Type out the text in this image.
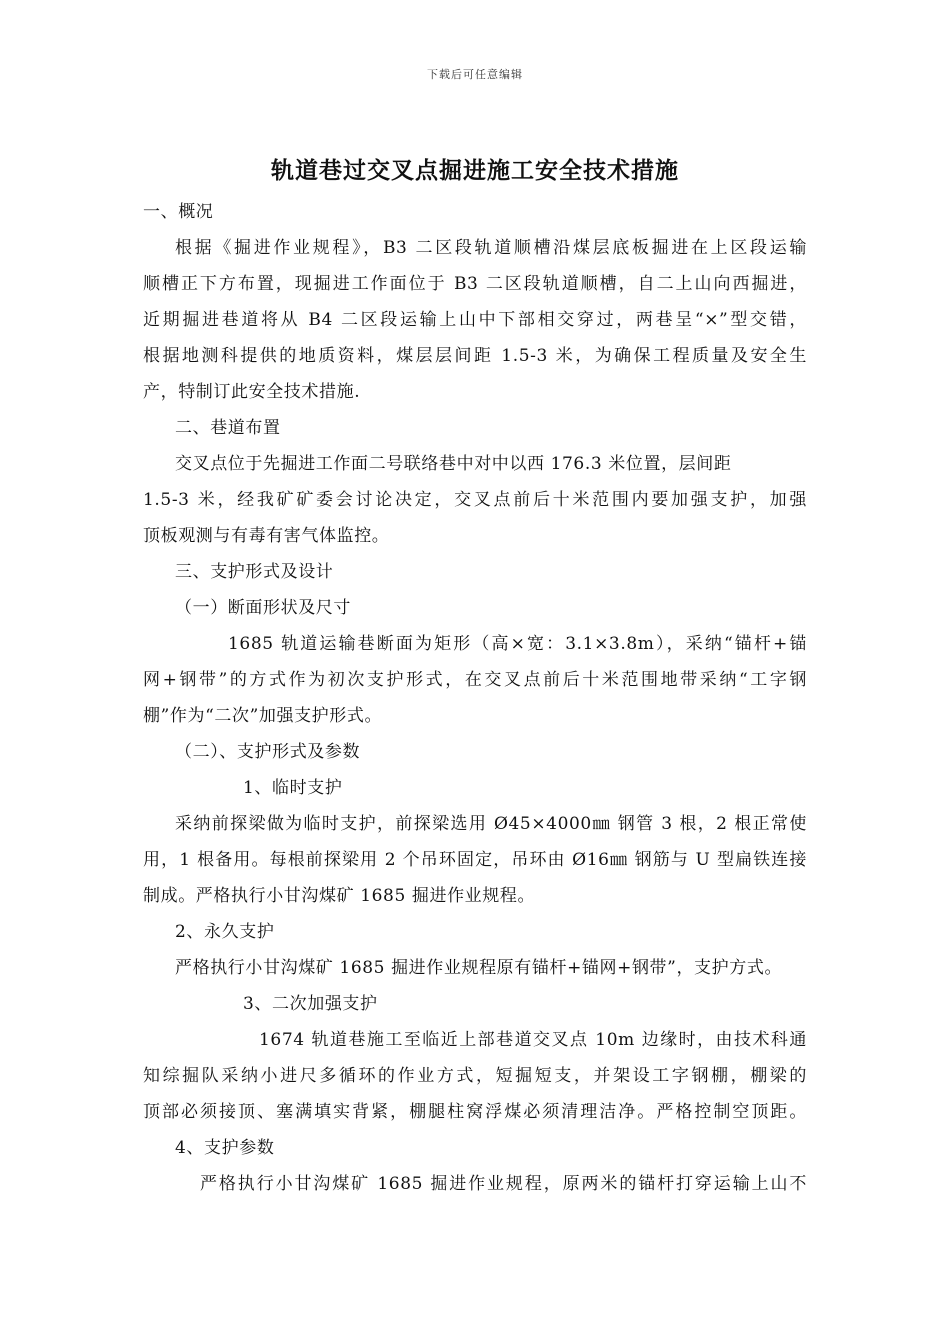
下载后可任意编辑
轨道巷过交叉点掘进施工安全技术措施
一、概况
根据《掘进作业规程》，B3 二区段轨道顺槽沿煤层底板掘进在上区段运输
顺槽正下方布置，现掘进工作面位于 B3 二区段轨道顺槽，自二上山向西掘进，
近期掘进巷道将从 B4 二区段运输上山中下部相交穿过，两巷呈“×”型交错，
根据地测科提供的地质资料，煤层层间距 1.5-3 米，为确保工程质量及安全生
产，特制订此安全技术措施.
二、巷道布置
交叉点位于先掘进工作面二号联络巷中对中以西 176.3 米位置，层间距
1.5-3 米，经我矿矿委会讨论决定，交叉点前后十米范围内要加强支护，加强
顶板观测与有毒有害气体监控。
三、支护形式及设计
（一）断面形状及尺寸
1685 轨道运输巷断面为矩形（高×宽：3.1×3.8m），采纳“锚杆+锚
网+钢带”的方式作为初次支护形式，在交叉点前后十米范围地带采纳“工字钢
棚”作为“二次”加强支护形式。
（二）、支护形式及参数
1、临时支护
采纳前探梁做为临时支护，前探梁选用 Ø45×4000㎜ 钢管 3 根，2 根正常使
用，1 根备用。每根前探梁用 2 个吊环固定，吊环由 Ø16㎜ 钢筋与 U 型扁铁连接
制成。严格执行小甘沟煤矿 1685 掘进作业规程。
2、永久支护
严格执行小甘沟煤矿 1685 掘进作业规程原有锚杆+锚网+钢带”，支护方式。
3、二次加强支护
1674 轨道巷施工至临近上部巷道交叉点 10m 边缘时，由技术科通
知综掘队采纳小进尺多循环的作业方式，短掘短支，并架设工字钢棚，棚梁的
顶部必须接顶、塞满填实背紧，棚腿柱窝浮煤必须清理洁净。严格控制空顶距。
4、支护参数
严格执行小甘沟煤矿 1685 掘进作业规程，原两米的锚杆打穿运输上山不
